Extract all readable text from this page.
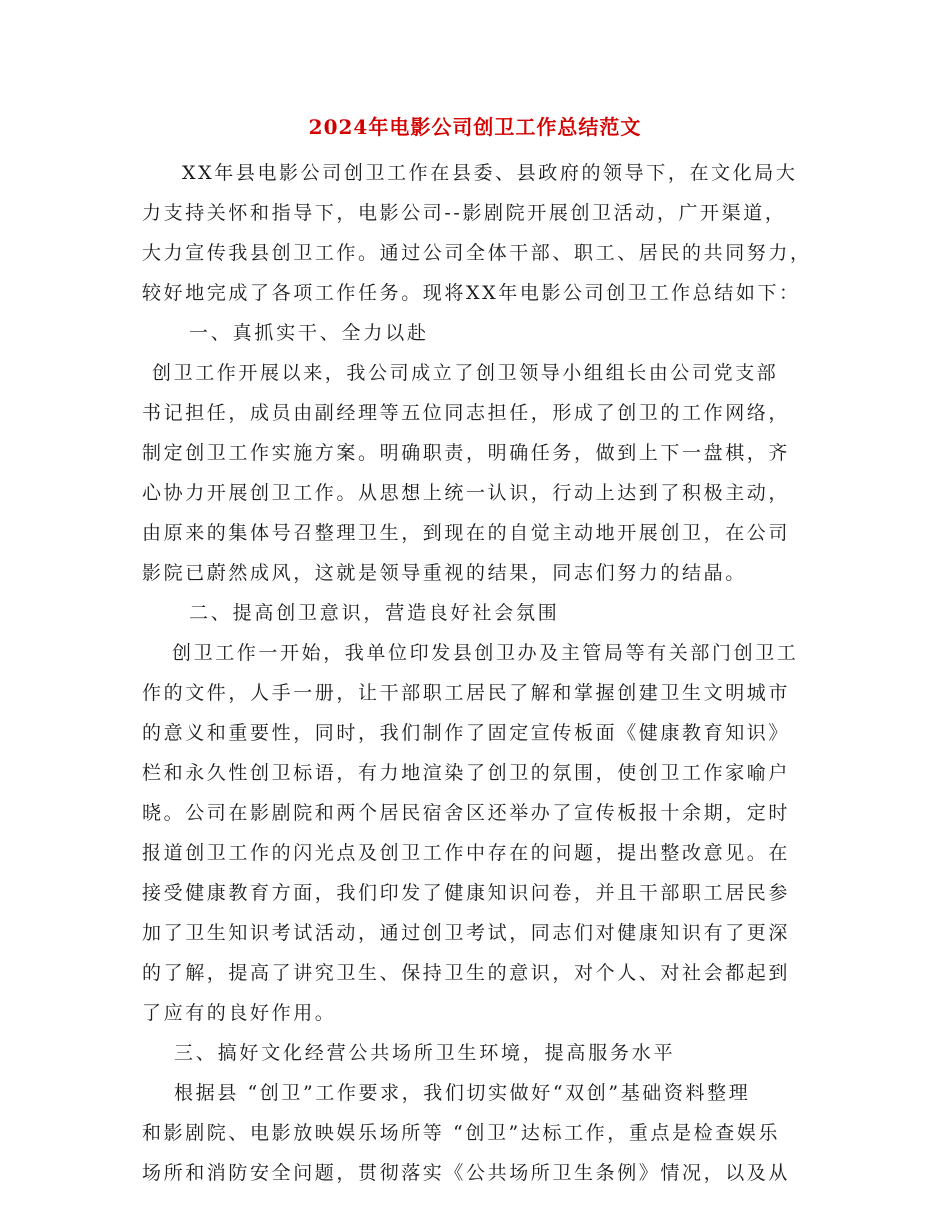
2024年电影公司创卫工作总结范文
XX年县电影公司创卫工作在县委、县政府的领导下，在文化局大
力支持关怀和指导下，电影公司--影剧院开展创卫活动，广开渠道，
大力宣传我县创卫工作。通过公司全体干部、职工、居民的共同努力，
较好地完成了各项工作任务。现将XX年电影公司创卫工作总结如下：
一、真抓实干、全力以赴
创卫工作开展以来，我公司成立了创卫领导小组组长由公司党支部
书记担任，成员由副经理等五位同志担任，形成了创卫的工作网络，
制定创卫工作实施方案。明确职责，明确任务，做到上下一盘棋，齐
心协力开展创卫工作。从思想上统一认识，行动上达到了积极主动，
由原来的集体号召整理卫生，到现在的自觉主动地开展创卫，在公司
影院已蔚然成风，这就是领导重视的结果，同志们努力的结晶。
二、提高创卫意识，营造良好社会氛围
创卫工作一开始，我单位印发县创卫办及主管局等有关部门创卫工
作的文件，人手一册，让干部职工居民了解和掌握创建卫生文明城市
的意义和重要性，同时，我们制作了固定宣传板面《健康教育知识》
栏和永久性创卫标语，有力地渲染了创卫的氛围，使创卫工作家喻户
晓。公司在影剧院和两个居民宿舍区还举办了宣传板报十余期，定时
报道创卫工作的闪光点及创卫工作中存在的问题，提出整改意见。在
接受健康教育方面，我们印发了健康知识问卷，并且干部职工居民参
加了卫生知识考试活动，通过创卫考试，同志们对健康知识有了更深
的了解，提高了讲究卫生、保持卫生的意识，对个人、对社会都起到
了应有的良好作用。
三、搞好文化经营公共场所卫生环境，提高服务水平
根据县 “创卫”工作要求，我们切实做好“双创”基础资料整理
和影剧院、电影放映娱乐场所等 “创卫”达标工作，重点是检查娱乐
场所和消防安全问题，贯彻落实《公共场所卫生条例》情况，以及从
